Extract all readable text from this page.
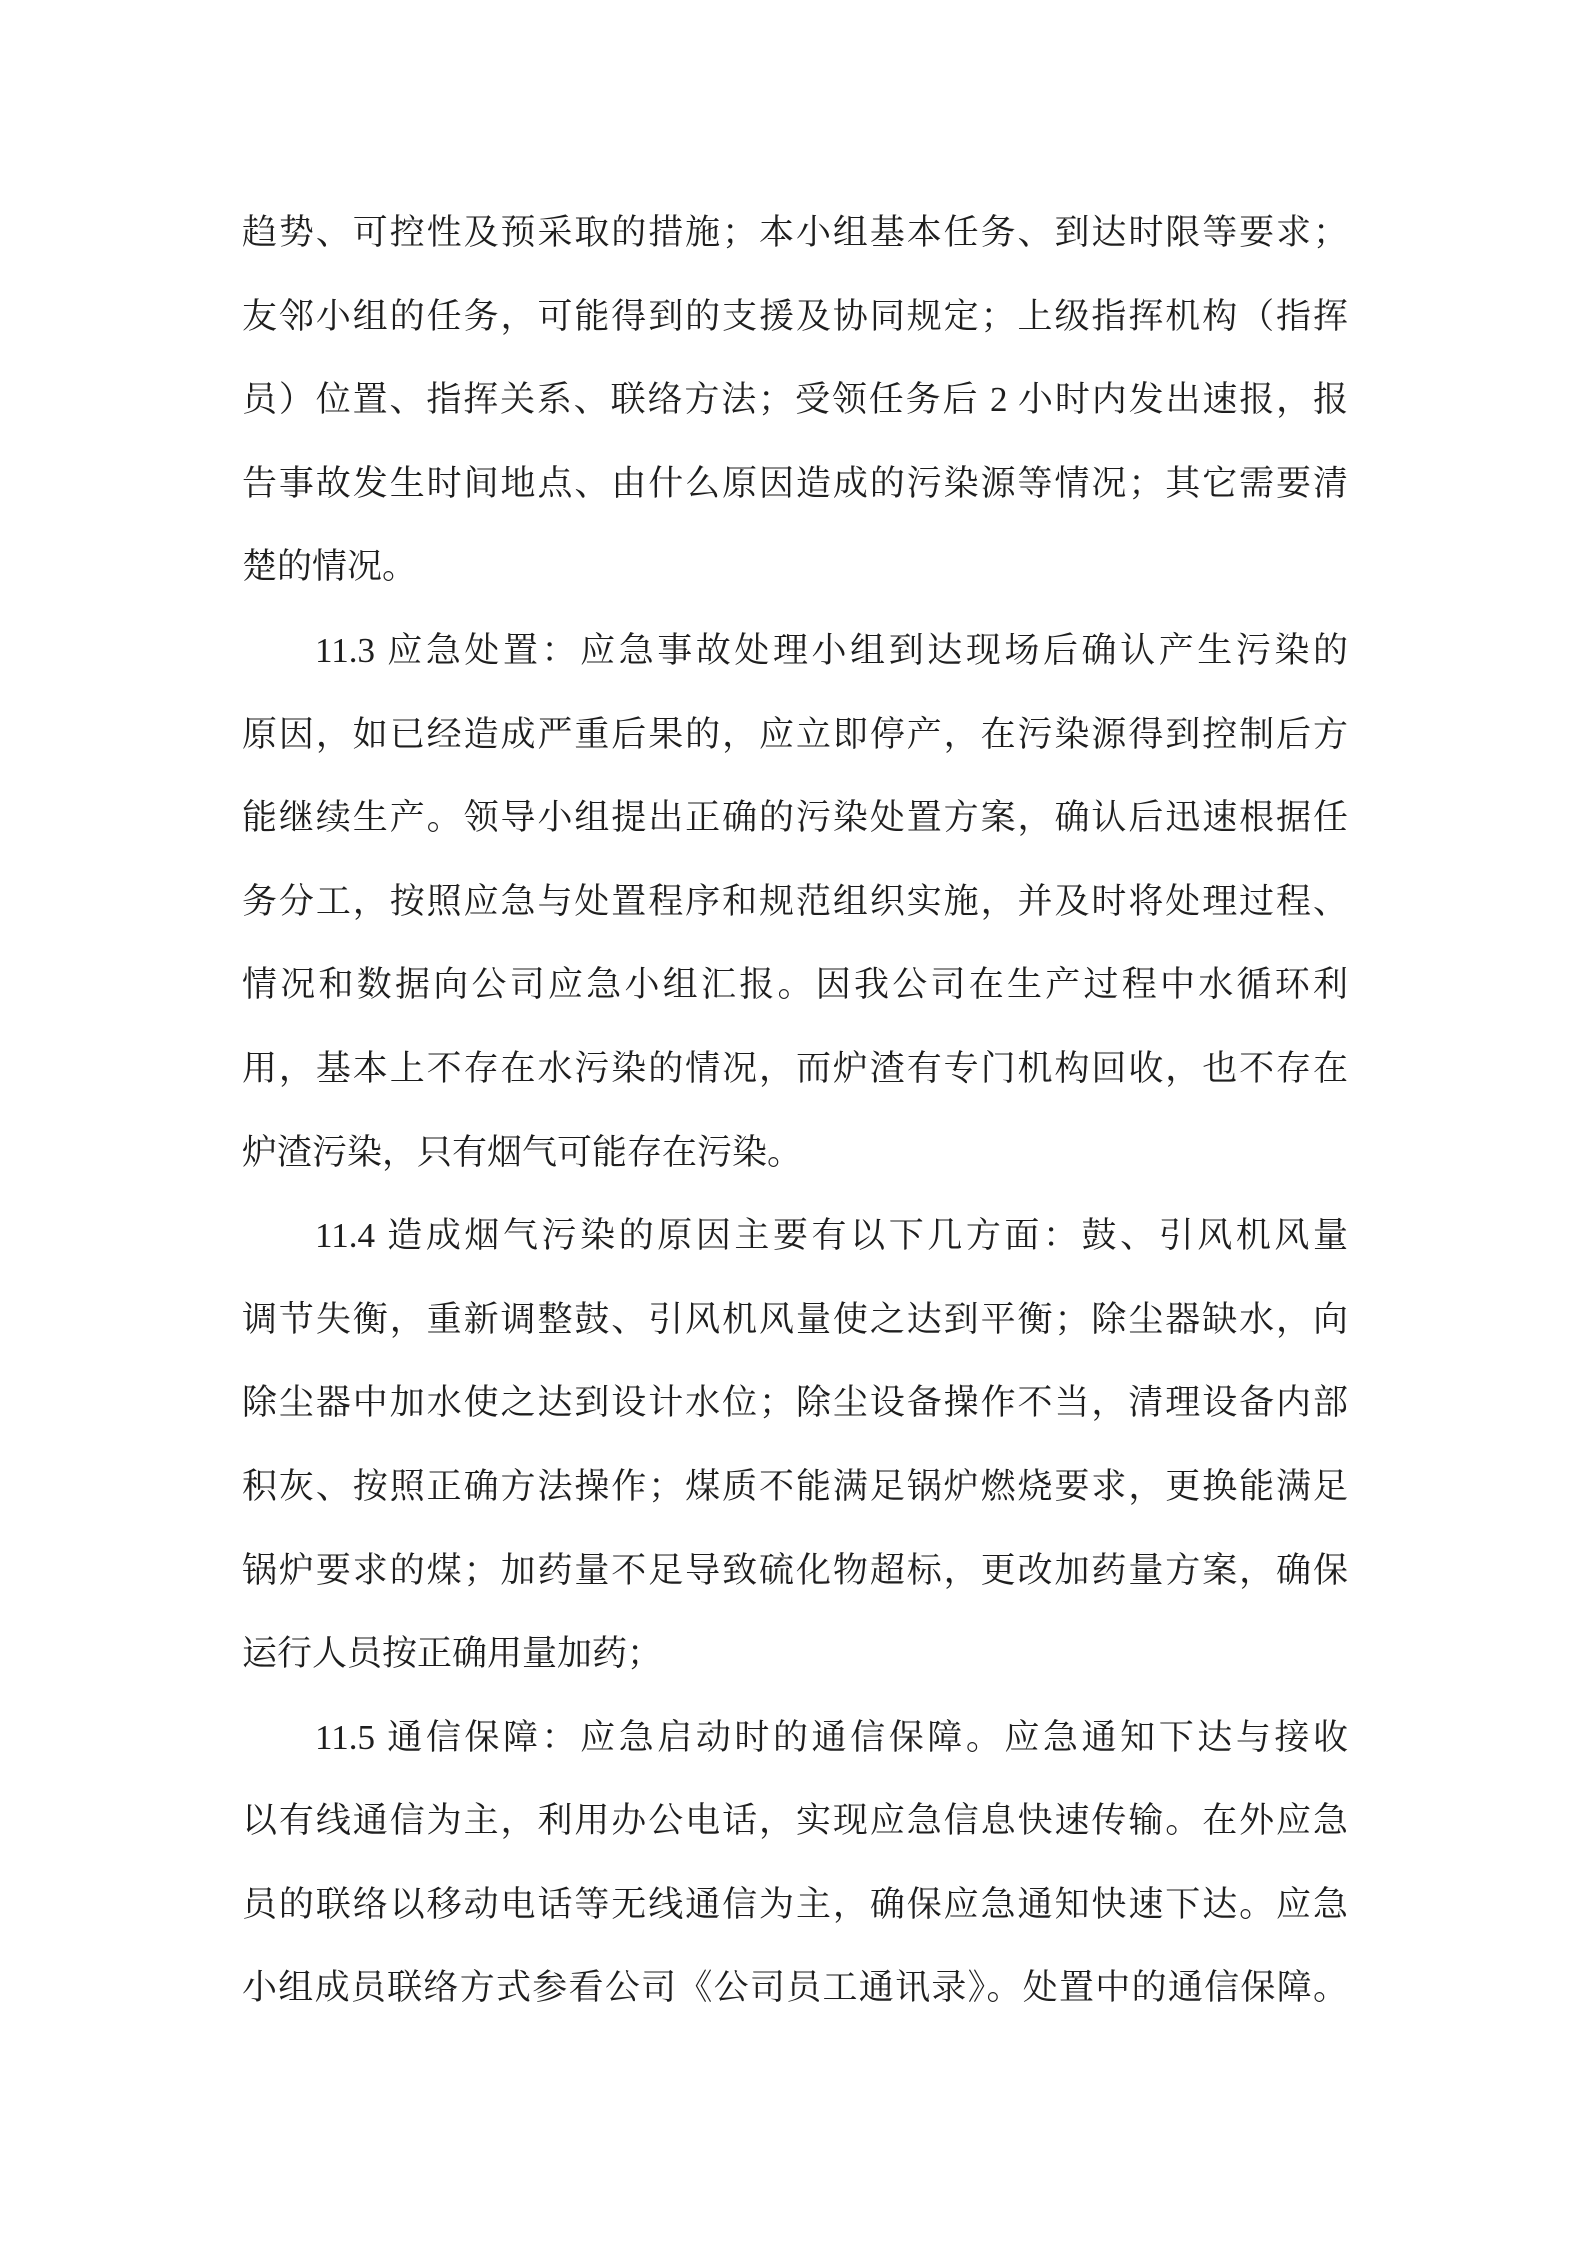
趋势、可控性及预采取的措施；本小组基本任务、到达时限等要求；
友邻小组的任务，可能得到的支援及协同规定；上级指挥机构（指挥
员）位置、指挥关系、联络方法；受领任务后 2 小时内发出速报，报
告事故发生时间地点、由什么原因造成的污染源等情况；其它需要清
楚的情况。
11.3 应急处置：应急事故处理小组到达现场后确认产生污染的
原因，如已经造成严重后果的，应立即停产，在污染源得到控制后方
能继续生产。领导小组提出正确的污染处置方案，确认后迅速根据任
务分工，按照应急与处置程序和规范组织实施，并及时将处理过程、
情况和数据向公司应急小组汇报。因我公司在生产过程中水循环利
用，基本上不存在水污染的情况，而炉渣有专门机构回收，也不存在
炉渣污染，只有烟气可能存在污染。
11.4 造成烟气污染的原因主要有以下几方面：鼓、引风机风量
调节失衡，重新调整鼓、引风机风量使之达到平衡；除尘器缺水，向
除尘器中加水使之达到设计水位；除尘设备操作不当，清理设备内部
积灰、按照正确方法操作；煤质不能满足锅炉燃烧要求，更换能满足
锅炉要求的煤；加药量不足导致硫化物超标，更改加药量方案，确保
运行人员按正确用量加药；
11.5 通信保障：应急启动时的通信保障。应急通知下达与接收
以有线通信为主，利用办公电话，实现应急信息快速传输。在外应急
员的联络以移动电话等无线通信为主，确保应急通知快速下达。应急
小组成员联络方式参看公司《公司员工通讯录》。处置中的通信保障。
